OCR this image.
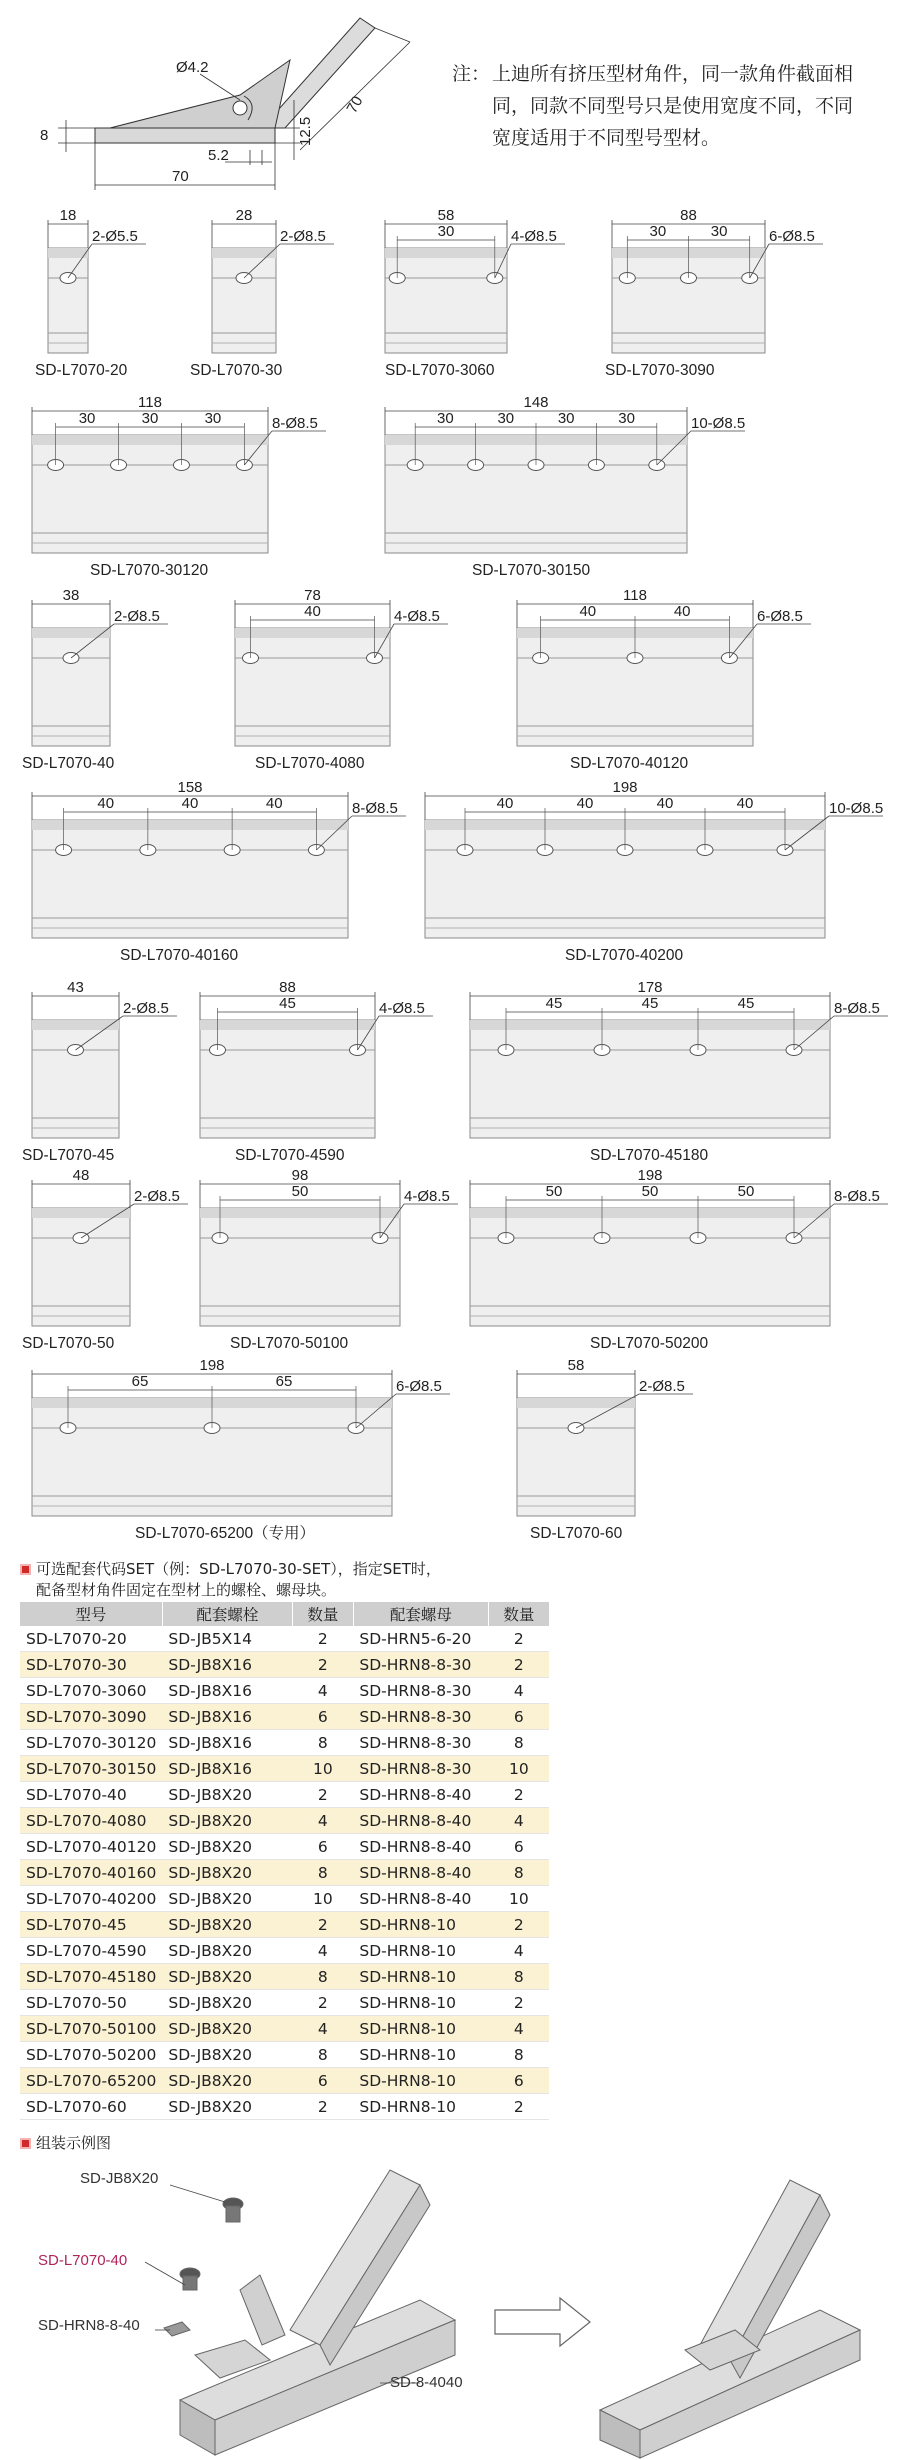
Ø4.2
8	12.5
70
5.2
70
注： 上迪所有挤压型材角件，同一款角件截面相同，同款不同型号只是使用宽度不同，不同宽度适用于不同型号型材。
18
2-Ø5.5
SD-L7070-20
28
2-Ø8.5
SD-L7070-30
58
30	4-Ø8.5
SD-L7070-3060
88
30	30	6-Ø8.5
SD-L7070-3090
118
30	30	30	8-Ø8.5
SD-L7070-30120
148
30	30	30	30	10-Ø8.5
SD-L7070-30150
38
2-Ø8.5
SD-L7070-40
78
40	4-Ø8.5
SD-L7070-4080
118
40	40	6-Ø8.5
SD-L7070-40120
158
40	40	40	8-Ø8.5
SD-L7070-40160
198
40	40	40	40	10-Ø8.5
SD-L7070-40200
43
2-Ø8.5
SD-L7070-45
88
45	4-Ø8.5
SD-L7070-4590
178
45	45	45	8-Ø8.5
SD-L7070-45180
48
2-Ø8.5
SD-L7070-50
98
50	4-Ø8.5
SD-L7070-50100
198
50	50	50	8-Ø8.5
SD-L7070-50200
198
65	65	6-Ø8.5
SD-L7070-65200（专用）
58
2-Ø8.5
SD-L7070-60
可选配套代码SET（例：SD-L7070-30-SET），指定SET时，
配备型材角件固定在型材上的螺栓、螺母块。
型号	配套螺栓	数量	配套螺母	数量
SD-L7070-20	SD-JB5X14	2	SD-HRN5-6-20	2
SD-L7070-30	SD-JB8X16	2	SD-HRN8-8-30	2
SD-L7070-3060	SD-JB8X16	4	SD-HRN8-8-30	4
SD-L7070-3090	SD-JB8X16	6	SD-HRN8-8-30	6
SD-L7070-30120	SD-JB8X16	8	SD-HRN8-8-30	8
SD-L7070-30150	SD-JB8X16	10	SD-HRN8-8-30	10
SD-L7070-40	SD-JB8X20	2	SD-HRN8-8-40	2
SD-L7070-4080	SD-JB8X20	4	SD-HRN8-8-40	4
SD-L7070-40120	SD-JB8X20	6	SD-HRN8-8-40	6
SD-L7070-40160	SD-JB8X20	8	SD-HRN8-8-40	8
SD-L7070-40200	SD-JB8X20	10	SD-HRN8-8-40	10
SD-L7070-45	SD-JB8X20	2	SD-HRN8-10	2
SD-L7070-4590	SD-JB8X20	4	SD-HRN8-10	4
SD-L7070-45180	SD-JB8X20	8	SD-HRN8-10	8
SD-L7070-50	SD-JB8X20	2	SD-HRN8-10	2
SD-L7070-50100	SD-JB8X20	4	SD-HRN8-10	4
SD-L7070-50200	SD-JB8X20	8	SD-HRN8-10	8
SD-L7070-65200	SD-JB8X20	6	SD-HRN8-10	6
SD-L7070-60	SD-JB8X20	2	SD-HRN8-10	2
组装示例图
SD-JB8X20
SD-L7070-40
SD-HRN8-8-40
SD-8-4040
